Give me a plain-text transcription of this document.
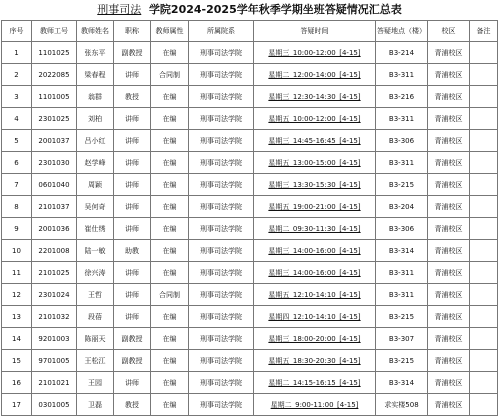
刑事司法 学院2024-2025学年秋季学期坐班答疑情况汇总表
序号	教师工号	教师姓名	职称	教师属性	所属院系	答疑时间	答疑地点（楼）	校区	备注
1	1101025	张东平	副教授	在编	刑事司法学院	星期三_10:00-12:00_[4-15]	B3-214	青浦校区	
2	2022085	梁春程	讲师	合同制	刑事司法学院	星期二_12:00-14:00_[4-15]	B3-311	青浦校区	
3	1101005	翁群	教授	在编	刑事司法学院	星期三_12:30-14:30_[4-15]	B3-216	青浦校区	
4	2301025	刘柏	讲师	在编	刑事司法学院	星期五_10:00-12:00_[4-15]	B3-311	青浦校区	
5	2001037	吕小红	讲师	在编	刑事司法学院	星期三_14:45-16:45_[4-15]	B3-306	青浦校区	
6	2301030	赵学峰	讲师	在编	刑事司法学院	星期五_13:00-15:00_[4-15]	B3-311	青浦校区	
7	0601040	周颖	讲师	在编	刑事司法学院	星期三_13:30-15:30_[4-15]	B3-215	青浦校区	
8	2101037	吴何奇	讲师	在编	刑事司法学院	星期五_19:00-21:00_[4-15]	B3-204	青浦校区	
9	2001036	崔仕绣	讲师	在编	刑事司法学院	星期二_09:30-11:30_[4-15]	B3-306	青浦校区	
10	2201008	陆一敏	助教	在编	刑事司法学院	星期三_14:00-16:00_[4-15]	B3-314	青浦校区	
11	2101025	徐兴涛	讲师	在编	刑事司法学院	星期三_14:00-16:00_[4-15]	B3-311	青浦校区	
12	2301024	王哲	讲师	合同制	刑事司法学院	星期五_12:10-14:10_[4-15]	B3-311	青浦校区	
13	2101032	段蓓	讲师	在编	刑事司法学院	星期四_12:10-14:10_[4-15]	B3-215	青浦校区	
14	9201003	陈丽天	副教授	在编	刑事司法学院	星期三_18:00-20:00_[4-15]	B3-307	青浦校区	
15	9701005	王松江	副教授	在编	刑事司法学院	星期五_18:30-20:30_[4-15]	B3-215	青浦校区	
16	2101021	王园	讲师	在编	刑事司法学院	星期二_14:15-16:15_[4-15]	B3-314	青浦校区	
17	0301005	卫磊	教授	在编	刑事司法学院	星期二_9:00-11:00_[4-15]	求实楼508	青浦校区	
